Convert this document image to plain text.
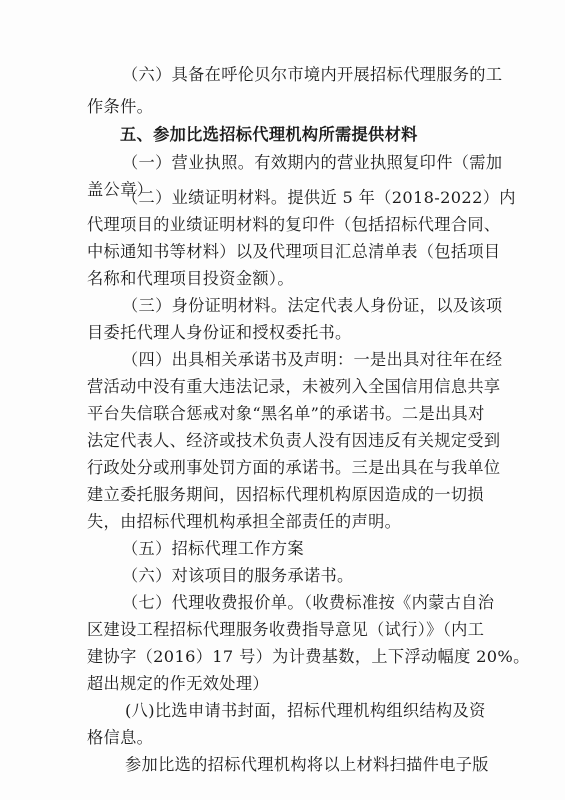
（六）具备在呼伦贝尔市境内开展招标代理服务的工
作条件。
五、参加比选招标代理机构所需提供材料
（一）营业执照。有效期内的营业执照复印件（需加
盖公章）
（二）业绩证明材料。提供近 5 年（2018-2022）内
代理项目的业绩证明材料的复印件（包括招标代理合同、
中标通知书等材料）以及代理项目汇总清单表（包括项目
名称和代理项目投资金额）。
（三）身份证明材料。法定代表人身份证，以及该项
目委托代理人身份证和授权委托书。
（四）出具相关承诺书及声明：一是出具对往年在经
营活动中没有重大违法记录，未被列入全国信用信息共享
平台失信联合惩戒对象“黑名单”的承诺书。二是出具对
法定代表人、经济或技术负责人没有因违反有关规定受到
行政处分或刑事处罚方面的承诺书。三是出具在与我单位
建立委托服务期间，因招标代理机构原因造成的一切损
失，由招标代理机构承担全部责任的声明。
（五）招标代理工作方案
（六）对该项目的服务承诺书。
（七）代理收费报价单。（收费标准按《内蒙古自治
区建设工程招标代理服务收费指导意见（试行）》（内工
建协字（2016）17 号）为计费基数，上下浮动幅度 20%。
超出规定的作无效处理）
(八)比选申请书封面，招标代理机构组织结构及资
格信息。
参加比选的招标代理机构将以上材料扫描件电子版
